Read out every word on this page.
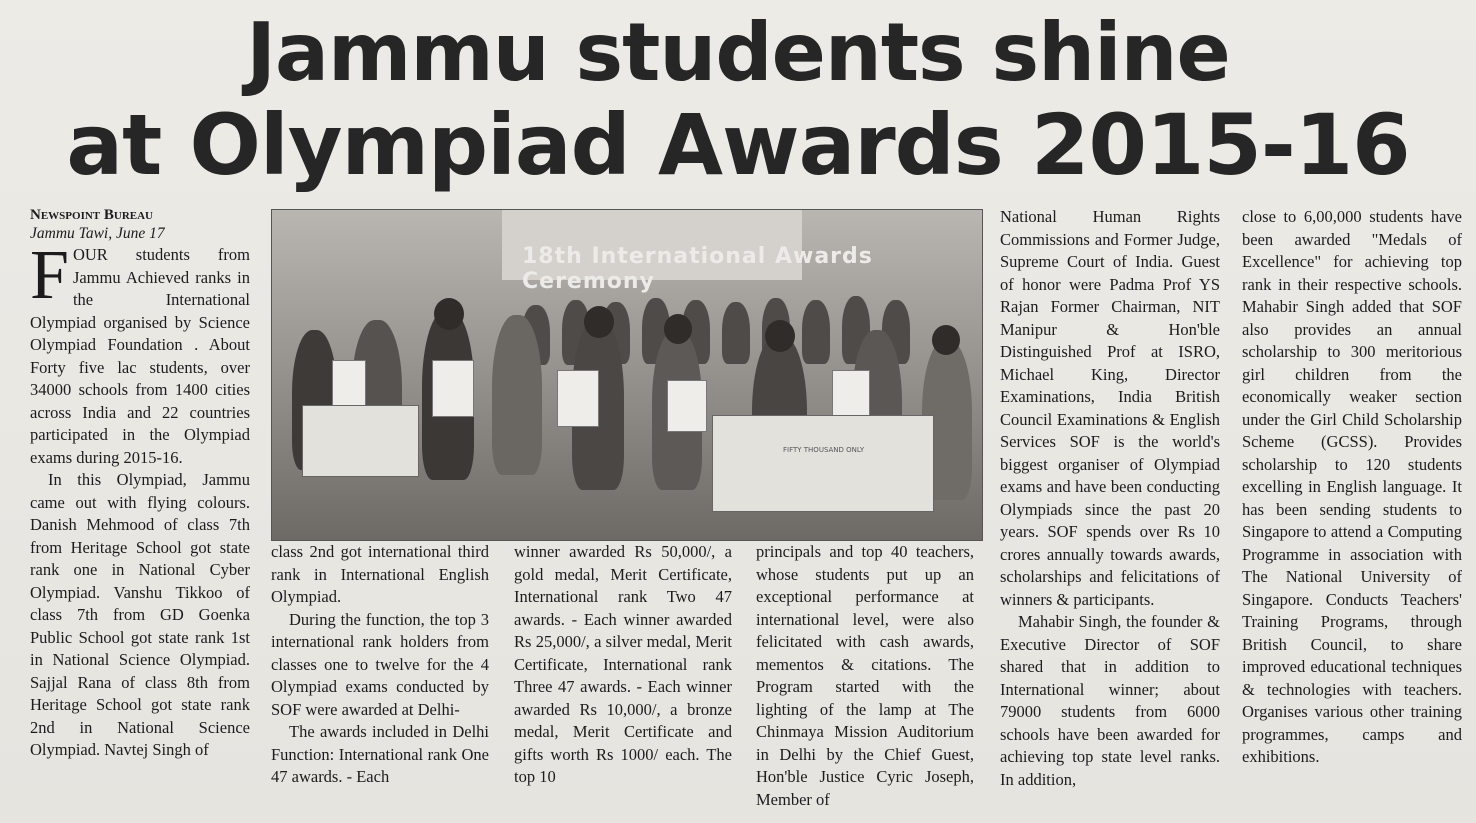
Jammu students shine
at Olympiad Awards 2015-16
Newspoint Bureau
Jammu Tawi, June 17

FOUR students from Jammu Achieved ranks in the International Olympiad organised by Science Olympiad Foundation . About Forty five lac students, over 34000 schools from 1400 cities across India and 22 countries participated in the Olympiad exams during 2015-16.

In this Olympiad, Jammu came out with flying colours. Danish Mehmood of class 7th from Heritage School got state rank one in National Cyber Olympiad. Vanshu Tikkoo of class 7th from GD Goenka Public School got state rank 1st in National Science Olympiad. Sajjal Rana of class 8th from Heritage School got state rank 2nd in National Science Olympiad. Navtej Singh of

18th International Awards Ceremony
FIFTY THOUSAND ONLY

class 2nd got international third rank in International English Olympiad.

During the function, the top 3 international rank holders from classes one to twelve for the 4 Olympiad exams conducted by SOF were awarded at Delhi-

The awards included in Delhi Function: International rank One 47 awards. - Each

winner awarded Rs 50,000/, a gold medal, Merit Certificate, International rank Two 47 awards. - Each winner awarded Rs 25,000/, a silver medal, Merit Certificate, International rank Three 47 awards. - Each winner awarded Rs 10,000/, a bronze medal, Merit Certificate and gifts worth Rs 1000/ each. The top 10

principals and top 40 teachers, whose students put up an exceptional performance at international level, were also felicitated with cash awards, mementos & citations. The Program started with the lighting of the lamp at The Chinmaya Mission Auditorium in Delhi by the Chief Guest, Hon'ble Justice Cyric Joseph, Member of

National Human Rights Commissions and Former Judge, Supreme Court of India. Guest of honor were Padma Prof YS Rajan Former Chairman, NIT Manipur & Hon'ble Distinguished Prof at ISRO, Michael King, Director Examinations, India British Council Examinations & English Services SOF is the world's biggest organiser of Olympiad exams and have been conducting Olympiads since the past 20 years. SOF spends over Rs 10 crores annually towards awards, scholarships and felicitations of winners & participants.

Mahabir Singh, the founder & Executive Director of SOF shared that in addition to International winner; about 79000 students from 6000 schools have been awarded for achieving top state level ranks. In addition,

close to 6,00,000 students have been awarded "Medals of Excellence" for achieving top rank in their respective schools. Mahabir Singh added that SOF also provides an annual scholarship to 300 meritorious girl children from the economically weaker section under the Girl Child Scholarship Scheme (GCSS). Provides scholarship to 120 students excelling in English language. It has been sending students to Singapore to attend a Computing Programme in association with The National University of Singapore. Conducts Teachers' Training Programs, through British Council, to share improved educational techniques & technologies with teachers. Organises various other training programmes, camps and exhibitions.
